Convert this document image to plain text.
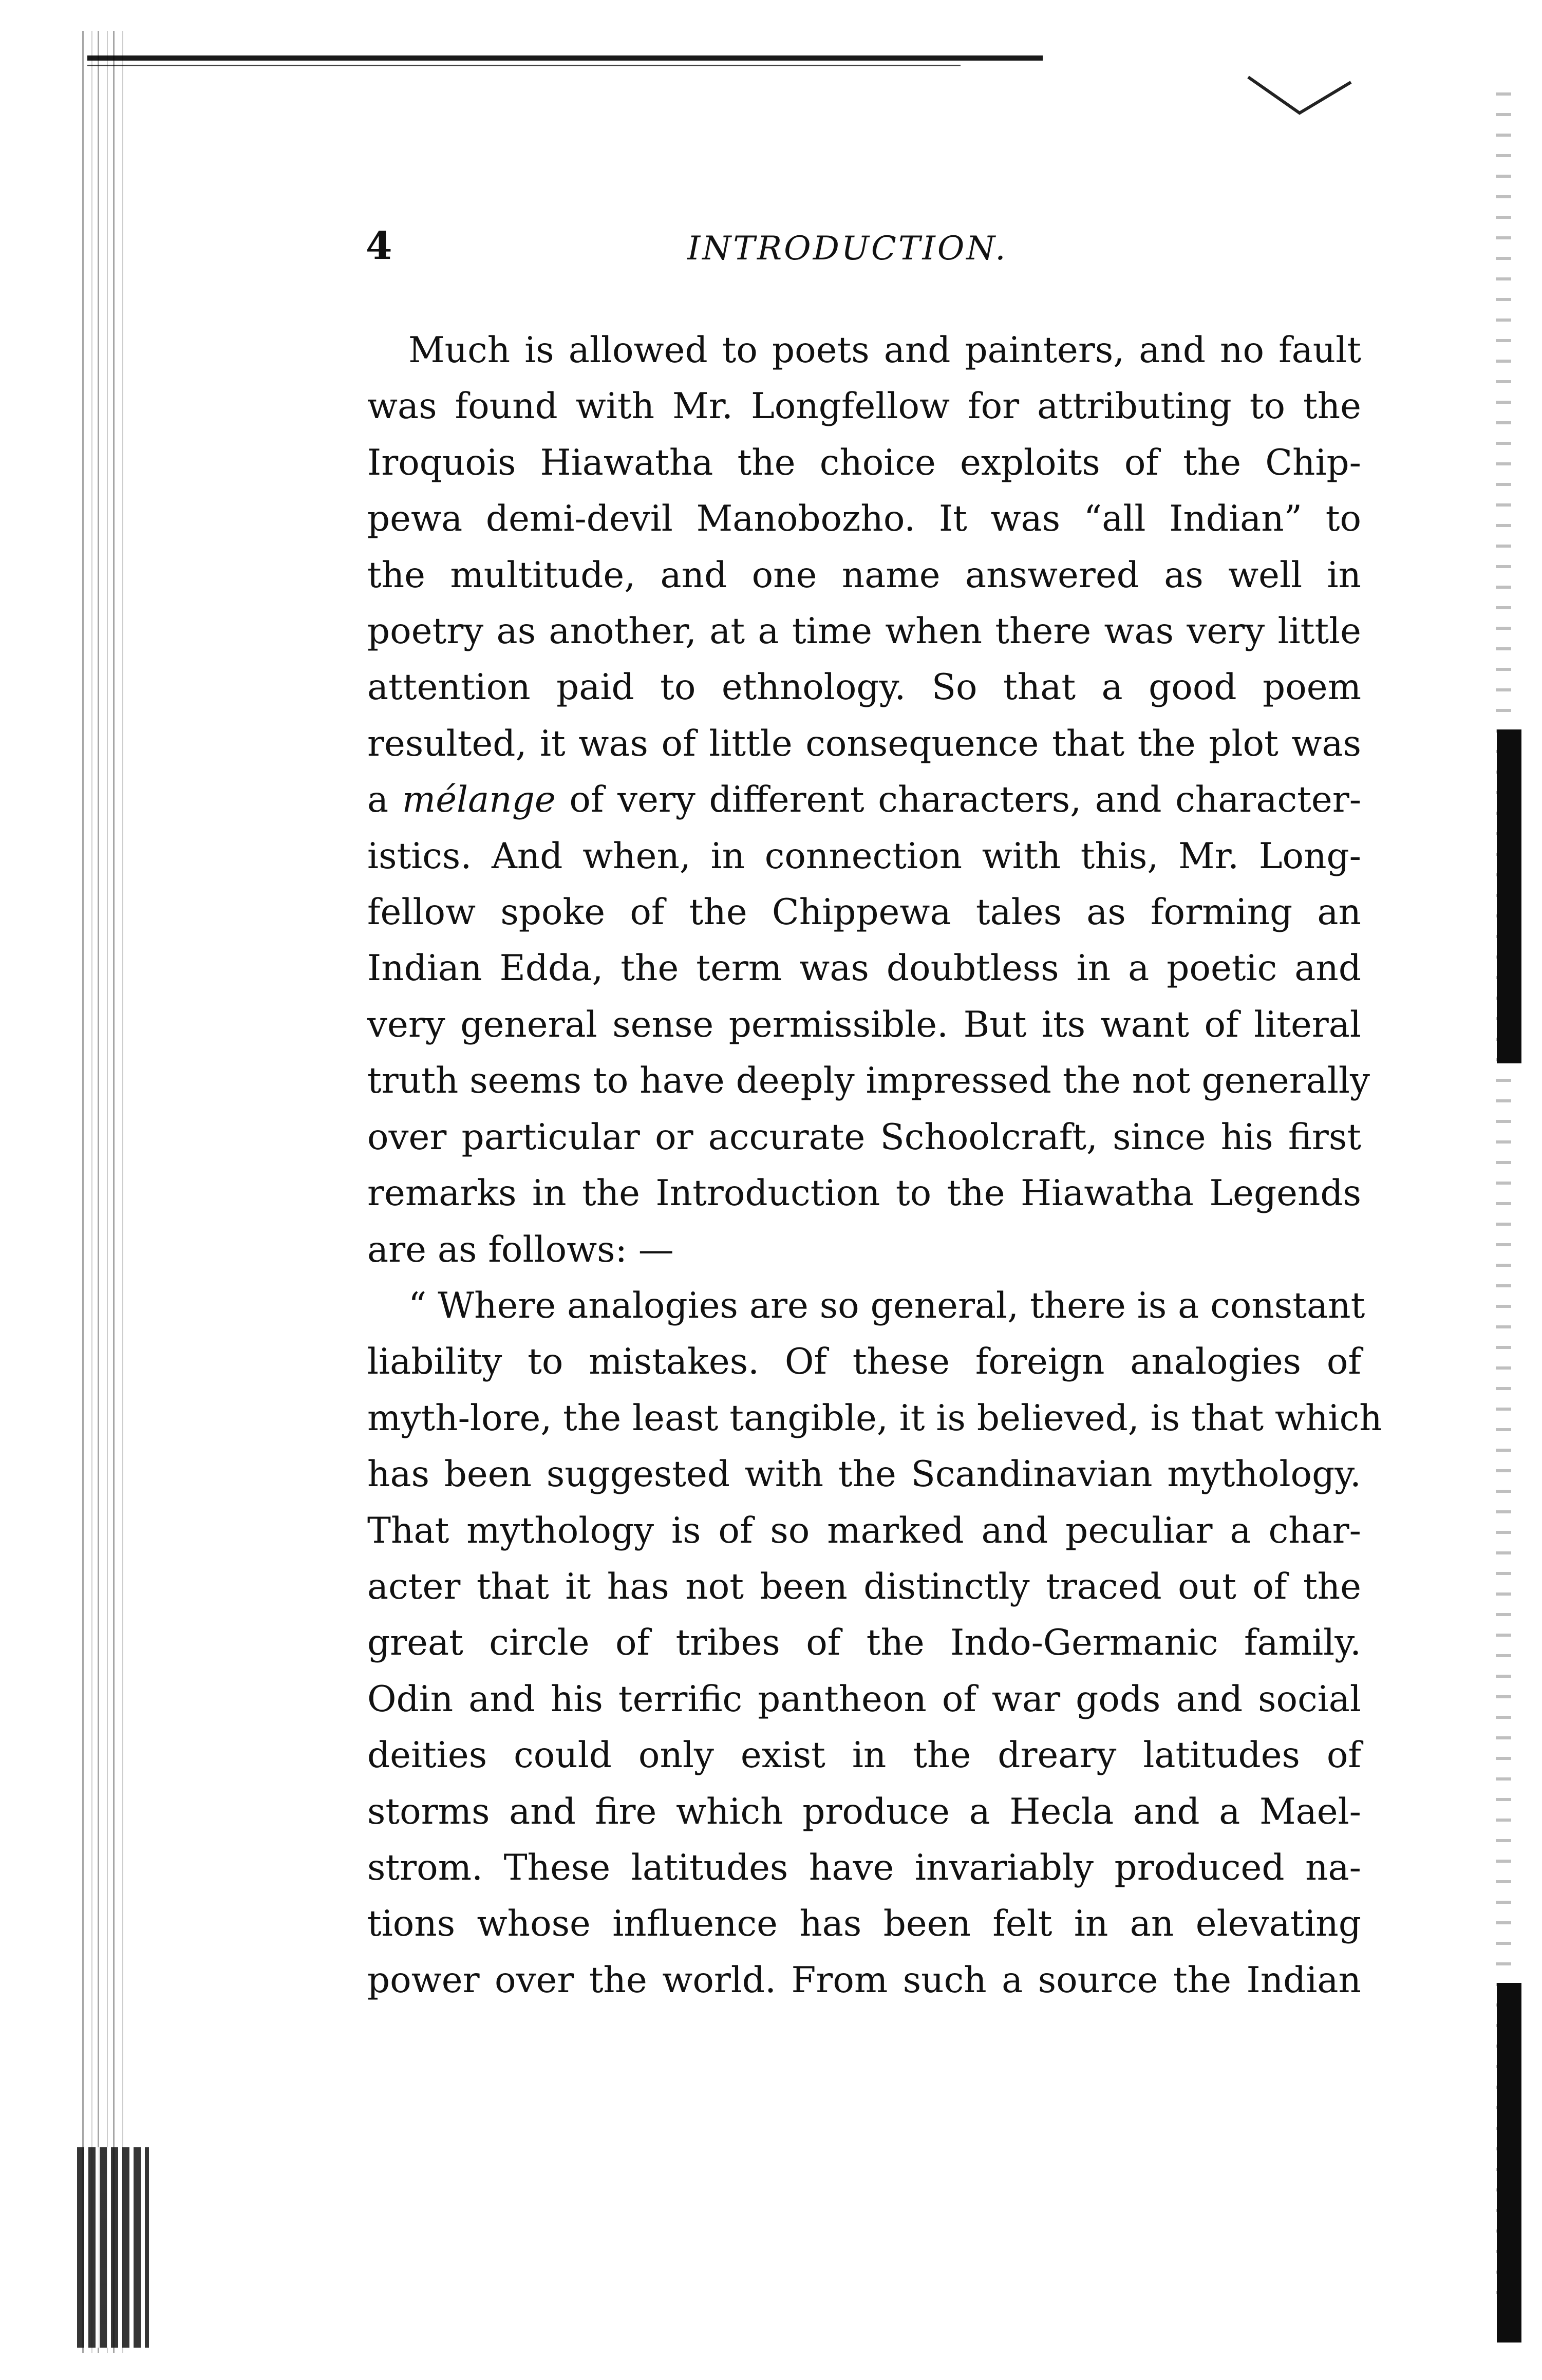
4	INTRODUCTION.

Much is allowed to poets and painters, and no fault
was found with Mr. Longfellow for attributing to the
Iroquois Hiawatha the choice exploits of the Chip-
pewa demi-devil Manobozho. It was “all Indian” to
the multitude, and one name answered as well in
poetry as another, at a time when there was very little
attention paid to ethnology. So that a good poem
resulted, it was of little consequence that the plot was
a mélange of very different characters, and character-
istics. And when, in connection with this, Mr. Long-
fellow spoke of the Chippewa tales as forming an
Indian Edda, the term was doubtless in a poetic and
very general sense permissible. But its want of literal
truth seems to have deeply impressed the not generally
over particular or accurate Schoolcraft, since his first
remarks in the Introduction to the Hiawatha Legends
are as follows: —

“ Where analogies are so general, there is a constant
liability to mistakes. Of these foreign analogies of
myth-lore, the least tangible, it is believed, is that which
has been suggested with the Scandinavian mythology.
That mythology is of so marked and peculiar a char-
acter that it has not been distinctly traced out of the
great circle of tribes of the Indo-Germanic family.
Odin and his terrific pantheon of war gods and social
deities could only exist in the dreary latitudes of
storms and fire which produce a Hecla and a Mael-
strom. These latitudes have invariably produced na-
tions whose influence has been felt in an elevating
power over the world. From such a source the Indian
